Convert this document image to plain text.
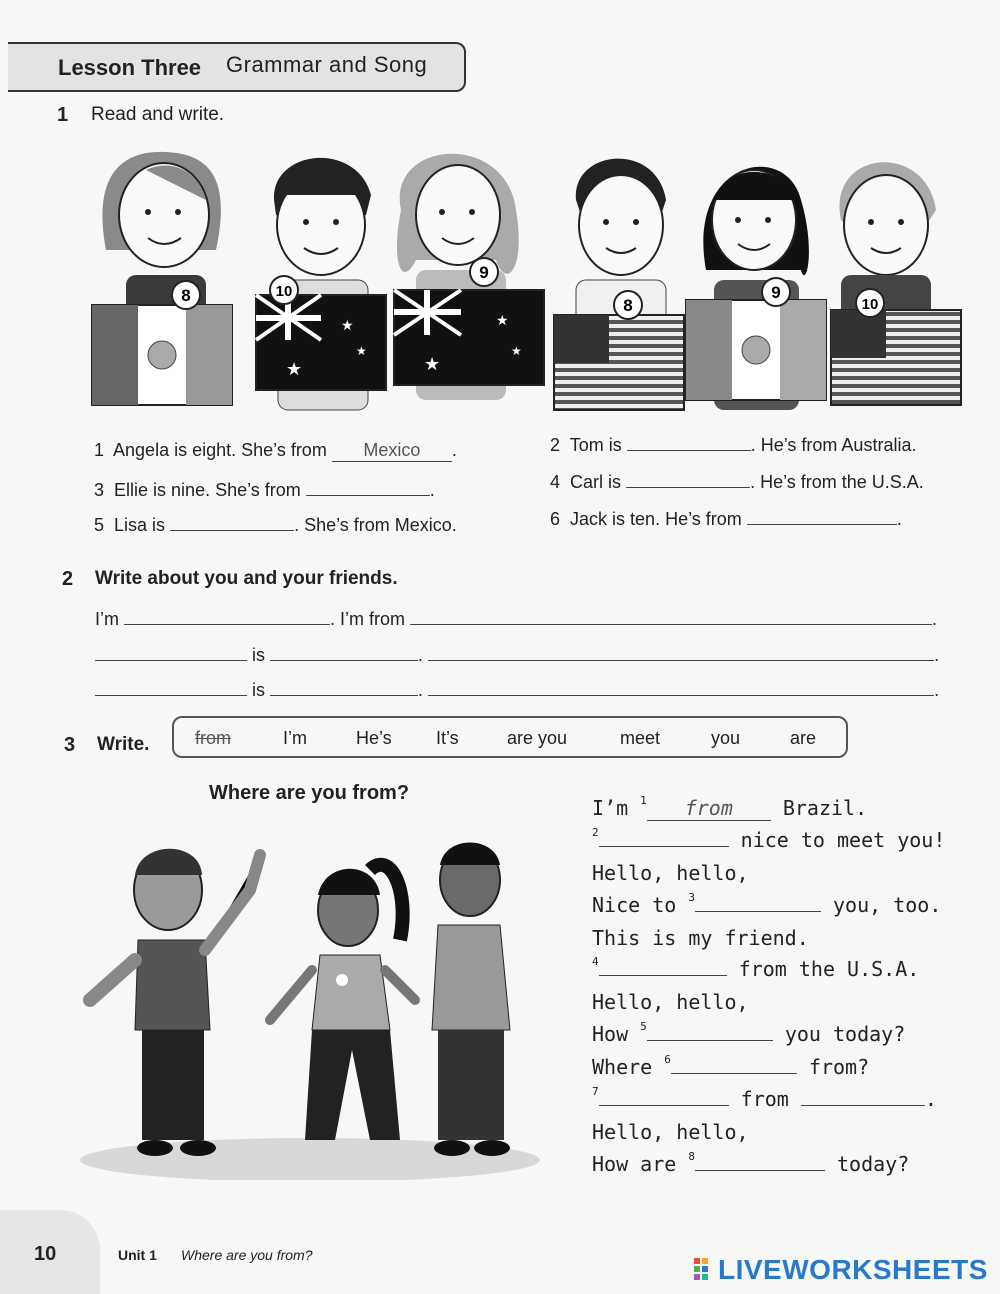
Lesson Three Grammar and Song
1 Read and write.
★
★
★
★
★
★
8	10
9
8
9
10
1 Angela is eight. She’s from Mexico .	2 Tom is	. He’s from Australia.
3 Ellie is nine. She’s from	.	4 Carl is	. He’s from the U.S.A.
5 Lisa is	. She’s from Mexico.	6 Jack is ten. He’s from	.
2 Write about you and your friends.
I’m	. I’m from	.
is	.	.
is	.	.
3 Write.	from	I’m	He’s It’s	are you	meet	you	are
Where are you from?
I’m $^1$ from Brazil.
$^2$	nice to meet you!
Hello, hello,
Nice to $^3$	you, too.
This is my friend.
$^4$	from the U.S.A.
Hello, hello,
How $^5$	you today?
Where $^6$	from?
$^7$	from	.
Hello, hello,
How are $^8$	today?
10	Unit 1 Where are you from?	LIVEWORKSHEETS
